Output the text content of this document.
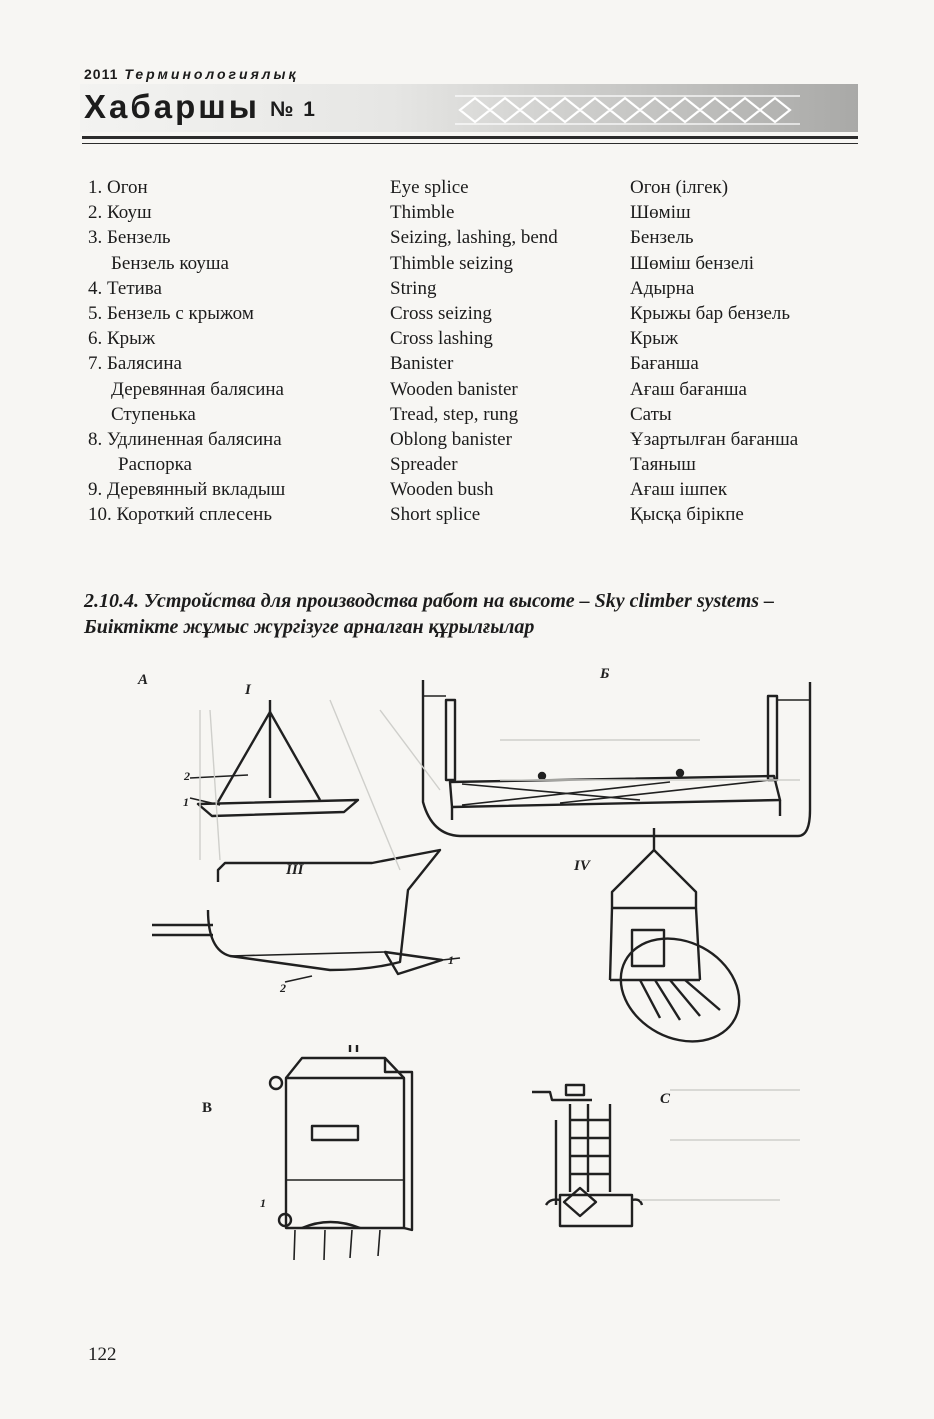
2011 Терминологиялық
Хабаршы № 1
1. Огон	Eye splice	Огон (ілгек)
2. Коуш	Thimble	Шөміш
3. Бензель	Seizing, lashing, bend	Бензель
Бензель коуша	Thimble seizing	Шөміш бензелі
4. Тетива	String	Адырна
5. Бензель с крыжом	Cross seizing	Крыжы бар бензель
6. Крыж	Cross lashing	Крыж
7. Балясина	Banister	Бағанша
Деревянная балясина	Wooden banister	Ағаш бағанша
Ступенька	Tread, step, rung	Саты
8. Удлиненная балясина	Oblong banister	Ұзартылған бағанша
Распорка	Spreader	Таяныш
9. Деревянный вкладыш	Wooden bush	Ағаш ішпек
10. Короткий сплесень	Short splice	Қысқа бірікпе
2.10.4. Устройства для производства работ на высоте – Sky climber systems –
Биіктікте жұмыс жүргізуге арналған құрылғылар
А	Б
I
2
1
III	IV
1
2
В
1
С
122
